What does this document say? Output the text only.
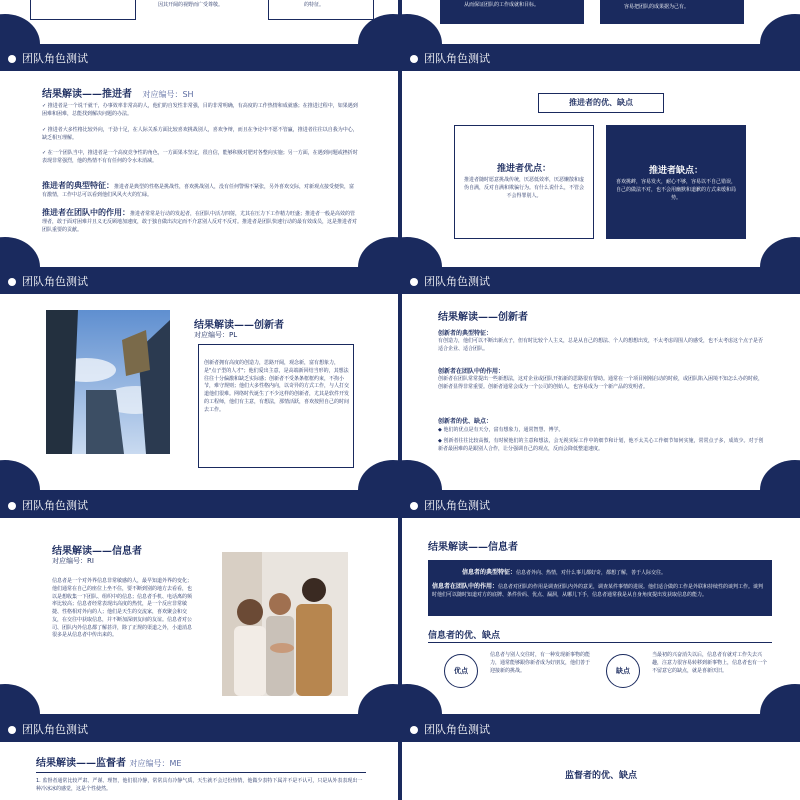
因其开阔的视野而广受尊敬。	的特征。	从而保证团队的工作成就和目标。	容易把团队的成果据为己有。
团队角色测试
结果解读——推进者 对应编号：SH
✓ 推进者是一个说干就干，办事效率非常高的人，他们的自发性非常强，目的非常明确，有高度的工作热情和成就感；在推进过程中，如果遇到困难和困难，总能找到解决问题的办法。
✓ 推进者大多性格比较外向，干劲十足，在人际关系方面比较喜欢挑战别人，喜欢争辩，而且在争论中不愿不管赢，推进者往往以自我为中心，缺乏相互理解。
✓ 在一个团队当中，推进者是一个高度竞争性的角色，一方面果本坚定，很自信，能够积极对肥对各整向实施；另一方面，在遇到问题或挫折时表现非常强烈，他的热情不有有任何的令水未消减。
推进者的典型特征：推进者是典型的性格是挑战性，喜欢挑战别人，没有任何警惕不紧张，另外喜欢交际，对新观点接受便快，富有激情，工作中总可以看到他们风风火火的忙碌。
推进者在团队中的作用：推进者常常是行动的发起者，在团队中活力四射，尤其在压力下工作精力旺盛；推进者一般是高效的管理者，敢于面对困难并且义无反顾地加速度，敢于独自做出决定而不介意别人反对不反对。推进者是团队快速行动的最有效成员，这是推进者对团队重要的贡献。
团队角色测试
推进者的优、缺点
推进者优点：
推进者随时愿意挑战传统，厌恶低效率，厌恶懒散和虚伪自满，反对自满和欺骗行为。有什么说什么，不管会不会得罪别人。
推进者缺点：
喜欢挑衅，容易发火，耐心不够，容易以不自己错误，自己的做法不对，也不会用幽默和道歉的方式来缓和局势。
团队角色测试
结果解读——创新者
对应编号：PL
创新者拥有高度的创造力，思路开阔，观念新，富有想象力，是"点子型的人才"；他们爱出主意，是高端新回结当形的，其想法往往十分偏激和缺乏实际感；创新者不受条条框框约束，不拘小节，难守规则；他们大多性格内向，以奇异的方式工作，与人打交道他们很难。网络时代诞生了不少这样的创新者，尤其是软件开发的工程师，他们有主意，有想法，那情活跃，喜欢按照自己的时间去工作。
团队角色测试
结果解读——创新者
创新者的典型特征：
有创造力，他们可以不断出新点子，但有时比较个人主义，总是从自己的想法、个人的想想出发，不太考虑周围人的感受，也不太考虑这个点子是否适合企业、适合团队。
创新者在团队中的作用：
创新者在团队常常提出一些新想法，这对企业或团队开拓新的思路很有帮助。通常在一个项目刚刚启动的时候，或团队陷入困境不知怎么办的时候，创新者显得非常重要。创新者通常会成为一个公司的创始人，也容易成为一个新产品的发明者。
创新者的优、缺点：
◆ 他们的优点是有天分，富有想象力，通常智慧、博学。
◆ 创新者往往比较高傲，有时候他们的主意和想法，会无视实际工作中的细节和计划，他不太关心工作细节如何实施，常常点子多，成效少。对于创新者最困难的是跟别人合作，让分强调自己的观点，反而会降低整道速度。
团队角色测试
结果解读——信息者
对应编号：RI
信息者是一个对外界信息非常敏感的人，最早知道外界的变化；他们通常在自己的座位上坐不住，要不断到别的地方去看看，也以是想收集一下团队、组织中的信息；信息者手机、电话离的频率比较高；信息者经常表现出高度的热忱，是一个反应非常敏捷、性格相对外向的人；他们是天生的交流家，喜欢聚会和交友，在交往中获取信息，并不断加深朋友间的友谊。信息者对公司、团队内外信息都了解甚详，除了正规的渠道之外，小道消息很多是从信息者中传出来的。
团队角色测试
结果解读——信息者
信息者的典型特征：信息者外向、热情，对什么事儿都好奇，都想了解，善于人际交往。
信息者在团队中的作用：信息者对团队的作用是调查团队内外的意见，调查某件事情的进展。他们适合做的工作是外联和持续性的谈判工作。谈判时他们可以随时知道对方的底牌、条件价码、优点、漏洞，从哪儿下手，信息者通常我是从自身角度提出发获取信息的能力。
信息者的优、缺点
优点
信息者与别人交往时，有一种发现新事物的能力，通常能够跟你新者成为好朋友，他们善于迎接新的挑战。	缺点
当最初的兴奋消失以后，信息者有就对工作失去兴趣，注意力很容易转移到新事物上，信息者也有一个不留意它的缺点，就是喜新厌旧。
团队角色测试
结果解读——监督者 对应编号：ME
1. 监督者通常比较严肃、严谨、理智，他们很冷静，常常具有冷静气质，天生就不会过份热情，他做少表特下属并不是不认可，只是从外表表现出一种冷冰冰的感觉，这是个性使然。
团队角色测试
监督者的优、缺点
